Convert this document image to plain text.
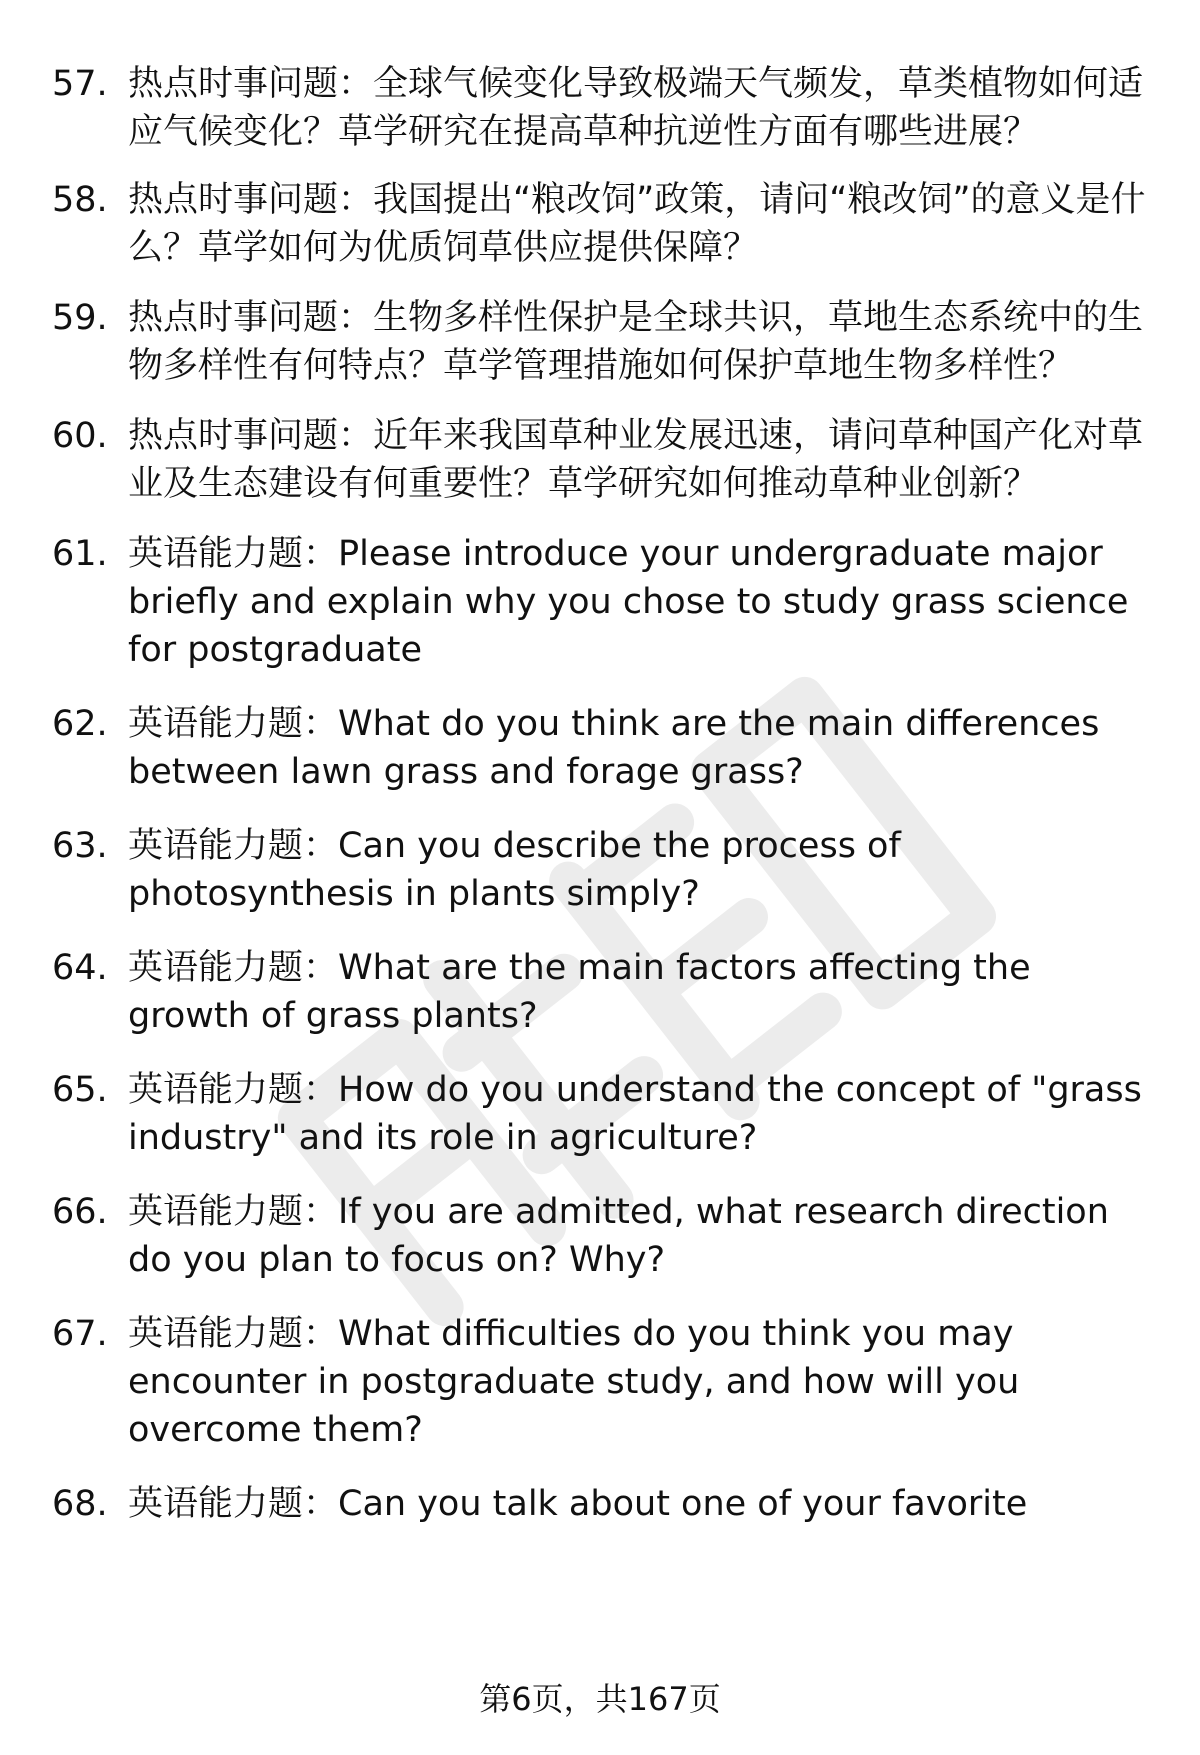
57. 热点时事问题：全球气候变化导致极端天气频发，草类植物如何适应气候变化？草学研究在提高草种抗逆性方面有哪些进展？
58. 热点时事问题：我国提出“粮改饲”政策，请问“粮改饲”的意义是什么？草学如何为优质饲草供应提供保障？
59. 热点时事问题：生物多样性保护是全球共识，草地生态系统中的生物多样性有何特点？草学管理措施如何保护草地生物多样性？
60. 热点时事问题：近年来我国草种业发展迅速，请问草种国产化对草业及生态建设有何重要性？草学研究如何推动草种业创新？
61. 英语能力题：Please introduce your undergraduate major briefly and explain why you chose to study grass science for postgraduate
62. 英语能力题：What do you think are the main differences between lawn grass and forage grass?
63. 英语能力题：Can you describe the process of photosynthesis in plants simply?
64. 英语能力题：What are the main factors affecting the growth of grass plants?
65. 英语能力题：How do you understand the concept of "grass industry" and its role in agriculture?
66. 英语能力题：If you are admitted, what research direction do you plan to focus on? Why?
67. 英语能力题：What difficulties do you think you may encounter in postgraduate study, and how will you overcome them?
68. 英语能力题：Can you talk about one of your favorite
第6页，共167页
